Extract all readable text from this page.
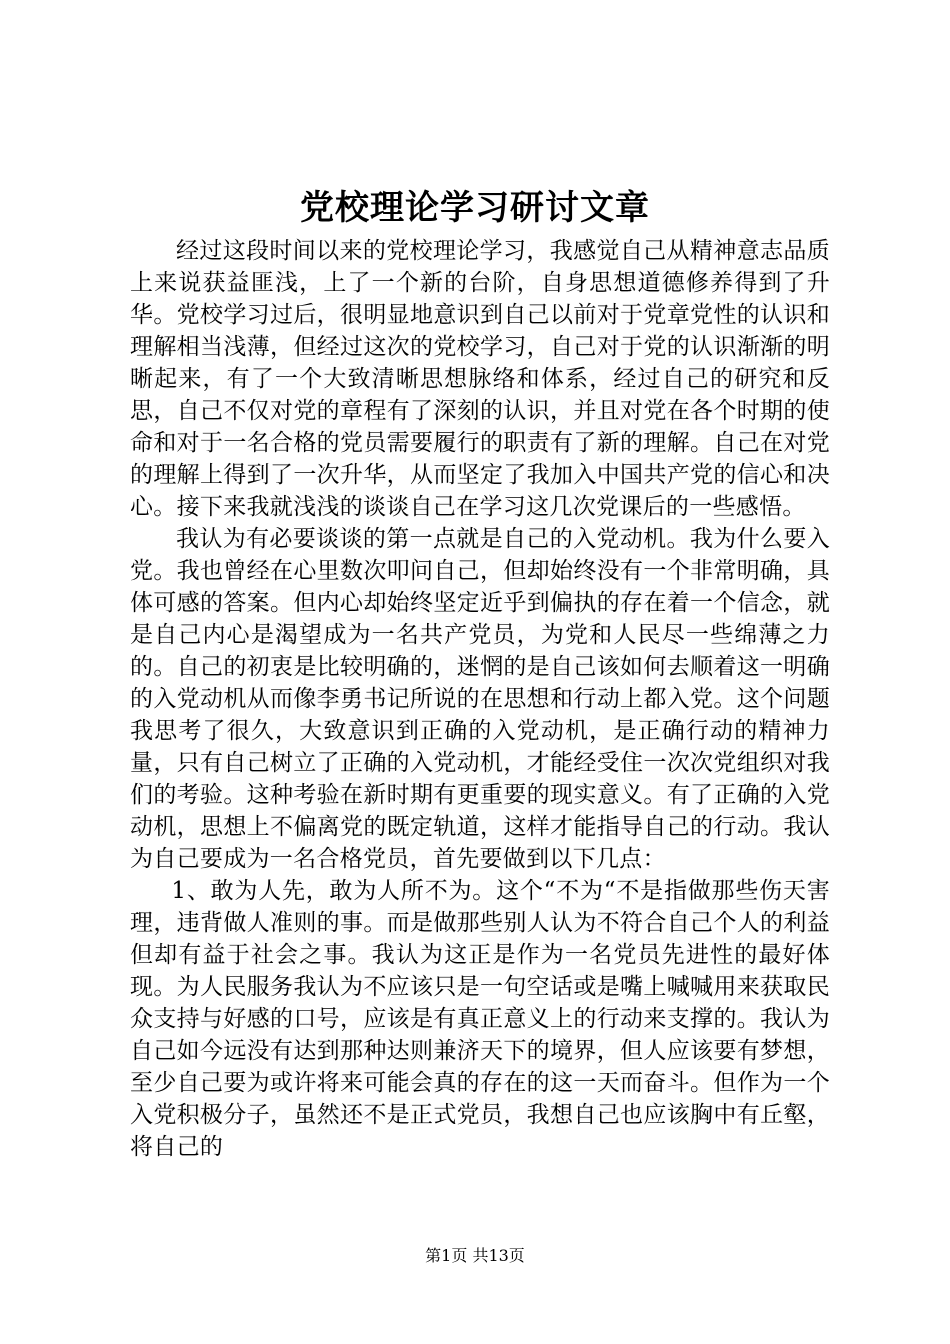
党校理论学习研讨文章

经过这段时间以来的党校理论学习，我感觉自己从精神意志品质上来说获益匪浅，上了一个新的台阶，自身思想道德修养得到了升华。党校学习过后，很明显地意识到自己以前对于党章党性的认识和理解相当浅薄，但经过这次的党校学习，自己对于党的认识渐渐的明晰起来，有了一个大致清晰思想脉络和体系，经过自己的研究和反思，自己不仅对党的章程有了深刻的认识，并且对党在各个时期的使命和对于一名合格的党员需要履行的职责有了新的理解。自己在对党的理解上得到了一次升华，从而坚定了我加入中国共产党的信心和决心。接下来我就浅浅的谈谈自己在学习这几次党课后的一些感悟。

我认为有必要谈谈的第一点就是自己的入党动机。我为什么要入党。我也曾经在心里数次叩问自己，但却始终没有一个非常明确，具体可感的答案。但内心却始终坚定近乎到偏执的存在着一个信念，就是自己内心是渴望成为一名共产党员，为党和人民尽一些绵薄之力的。自己的初衷是比较明确的，迷惘的是自己该如何去顺着这一明确的入党动机从而像李勇书记所说的在思想和行动上都入党。这个问题我思考了很久，大致意识到正确的入党动机，是正确行动的精神力量，只有自己树立了正确的入党动机，才能经受住一次次党组织对我们的考验。这种考验在新时期有更重要的现实意义。有了正确的入党动机，思想上不偏离党的既定轨道，这样才能指导自己的行动。我认为自己要成为一名合格党员，首先要做到以下几点：

1、敢为人先，敢为人所不为。这个“不为“不是指做那些伤天害理，违背做人准则的事。而是做那些别人认为不符合自己个人的利益但却有益于社会之事。我认为这正是作为一名党员先进性的最好体现。为人民服务我认为不应该只是一句空话或是嘴上喊喊用来获取民众支持与好感的口号，应该是有真正意义上的行动来支撑的。我认为自己如今远没有达到那种达则兼济天下的境界，但人应该要有梦想，至少自己要为或许将来可能会真的存在的这一天而奋斗。但作为一个入党积极分子，虽然还不是正式党员，我想自己也应该胸中有丘壑，将自己的

第1页 共13页
